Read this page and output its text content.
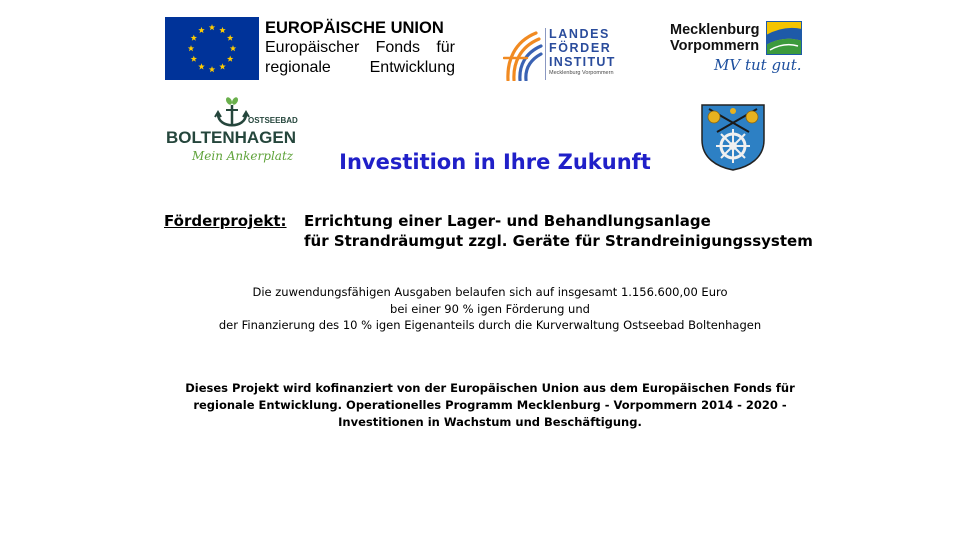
EUROPÄISCHE UNION
Europäischer Fonds für
regionale Entwicklung
LANDES
FÖRDER
INSTITUT
Mecklenburg Vorpommern
Mecklenburg
Vorpommern
MV tut gut.
OSTSEEBAD
BOLTENHAGEN
Mein Ankerplatz	Investition in Ihre Zukunft
Förderprojekt: Errichtung einer Lager- und Behandlungsanlage
für Strandräumgut zzgl. Geräte für Strandreinigungssystem
Die zuwendungsfähigen Ausgaben belaufen sich auf insgesamt 1.156.600,00 Euro
bei einer 90 % igen Förderung und
der Finanzierung des 10 % igen Eigenanteils durch die Kurverwaltung Ostseebad Boltenhagen
Dieses Projekt wird kofinanziert von der Europäischen Union aus dem Europäischen Fonds für
regionale Entwicklung. Operationelles Programm Mecklenburg - Vorpommern 2014 - 2020 -
Investitionen in Wachstum und Beschäftigung.
